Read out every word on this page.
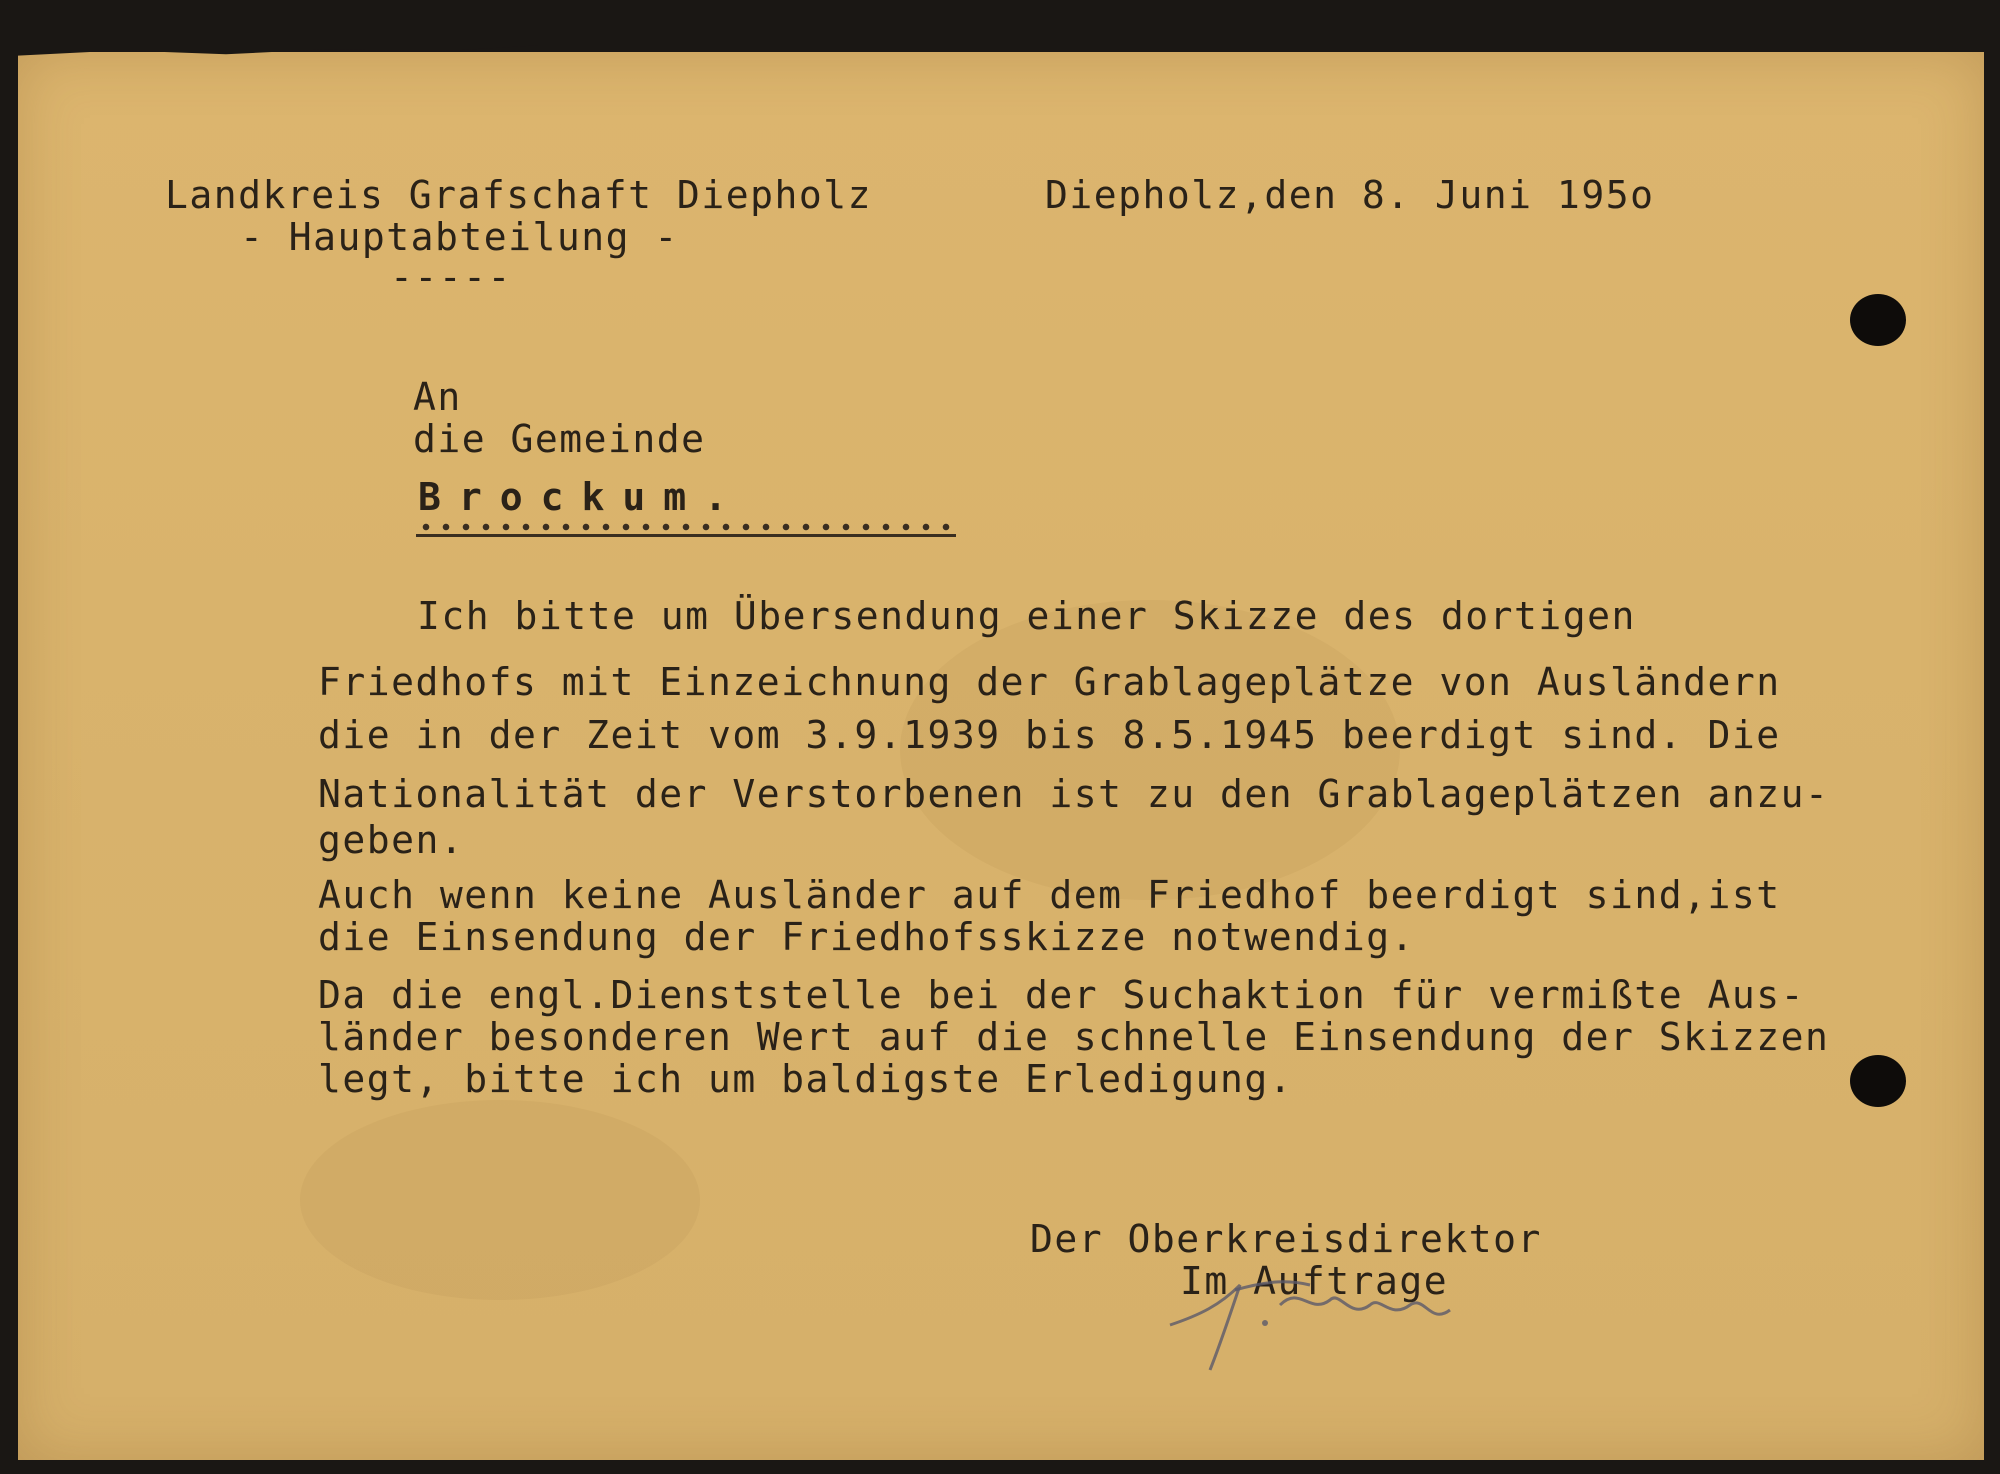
Landkreis Grafschaft Diepholz
- Hauptabteilung -
-----
Diepholz,den 8. Juni 195o
An
die Gemeinde
Brockum.
Ich bitte um Übersendung einer Skizze des dortigen
Friedhofs mit Einzeichnung der Grablageplätze von Ausländern
die in der Zeit vom 3.9.1939 bis 8.5.1945 beerdigt sind. Die
Nationalität der Verstorbenen ist zu den Grablageplätzen anzu-
geben.
Auch wenn keine Ausländer auf dem Friedhof beerdigt sind,ist
die Einsendung der Friedhofsskizze notwendig.
Da die engl.Dienststelle bei der Suchaktion für vermißte Aus-
länder besonderen Wert auf die schnelle Einsendung der Skizzen
legt, bitte ich um baldigste Erledigung.
Der Oberkreisdirektor
Im Auftrage
